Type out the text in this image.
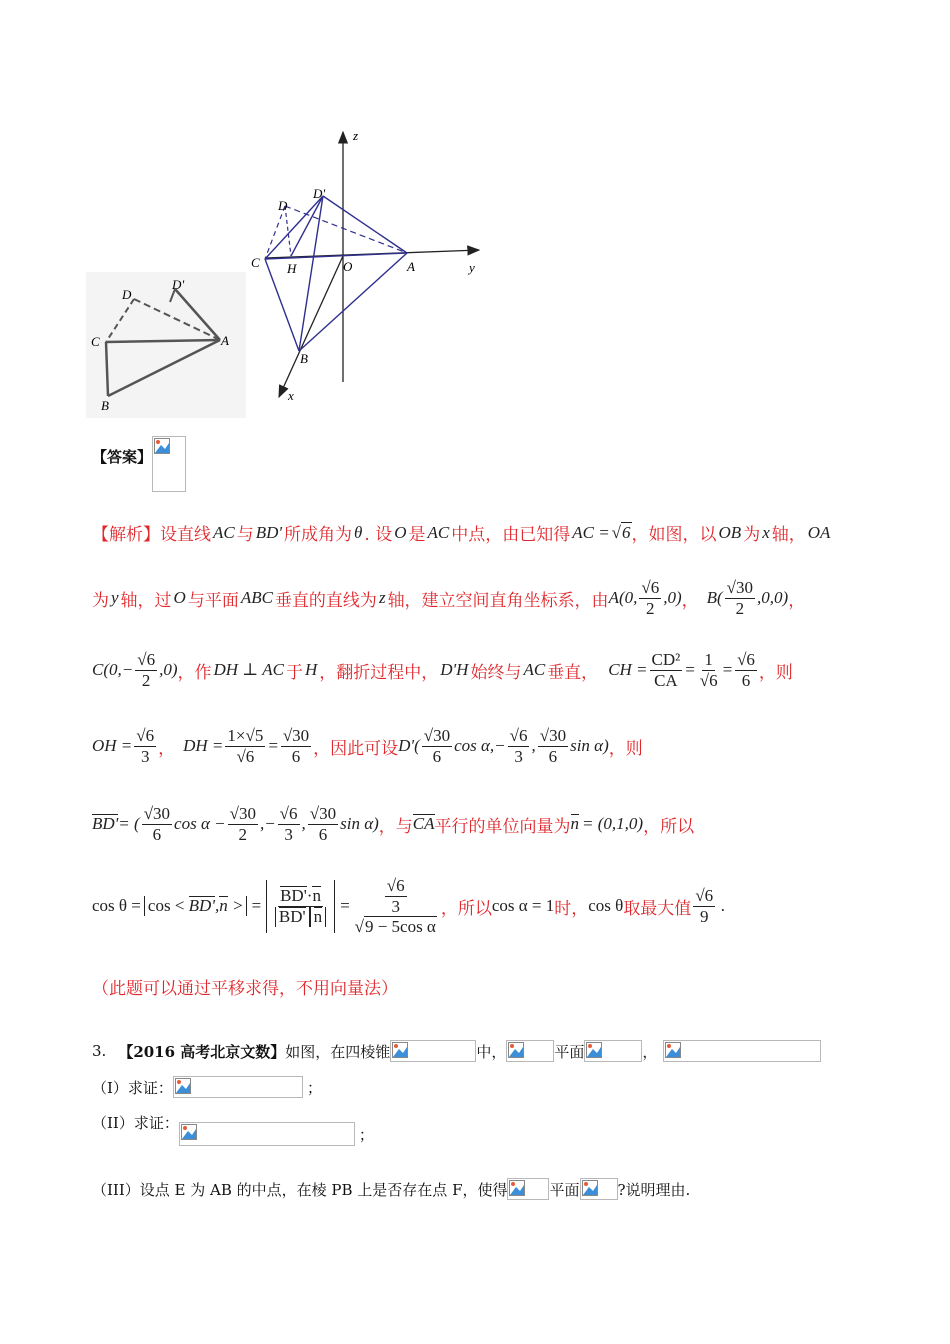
D
D'
C	A
B
z
D'
D
C H	O	A	y
B
x
【答案】
【解析】 设直线 AC 与 BD' 所成角为 θ . 设 O 是 AC 中点，由已知得 AC = √6 ，如图，以 OB 为 x 轴， OA
为 y 轴，过 O 与平面 ABC 垂直的直线为 z 轴，建立空间直角坐标系，由 A(0, $\frac{√6}{2} ,0$) ， $B( \frac{√30}{2} ,0,0)$ ，
$C(0,- \frac{√6}{2} ,0)$ ，作 DH ⊥ AC 于 H ，翻折过程中， D'H 始终与 AC 垂直， CH = $\frac{\text{CD²}}{CA} = \frac{1}{√6} = \frac{√6}{6}$ ，则
OH = $\frac{√6}{3}$ ， DH = $\frac{1\times√5}{√6} = \frac{√30}{6}$ ，因此可设 $D'( \frac{√30}{6}$ $\cos \alpha,- \frac{√6}{3}$ , $\frac{√30}{6}$ sin α) ，则
BD' = ( $\frac{√30}{6}$ $\cos \alpha - \frac{√30}{2}$ ,− $\frac{√6}{3}$ , $\frac{√30}{6}$ sin α) ，与 CA 平行的单位向量为 n = (0,1,0) ，所以
cos θ = cos < BD',n > = $\frac{BD'\cdot n}{BD' n} = \frac{\frac{√6}{3}}{\text{√9 − 5cos α}}$ ，所以 cos α = 1 时， cos θ 取最大值 $\frac{√6}{9}$ .
（此题可以通过平移求得，不用向量法）
3. 【2016 高考北京文数】 如图，在四棱锥	中，	平面	，
（I）求证：	；
（II）求证：
；
（III）设点 E 为 AB 的中点，在棱 PB 上是否存在点 F，使得	平面	?说明理由.
